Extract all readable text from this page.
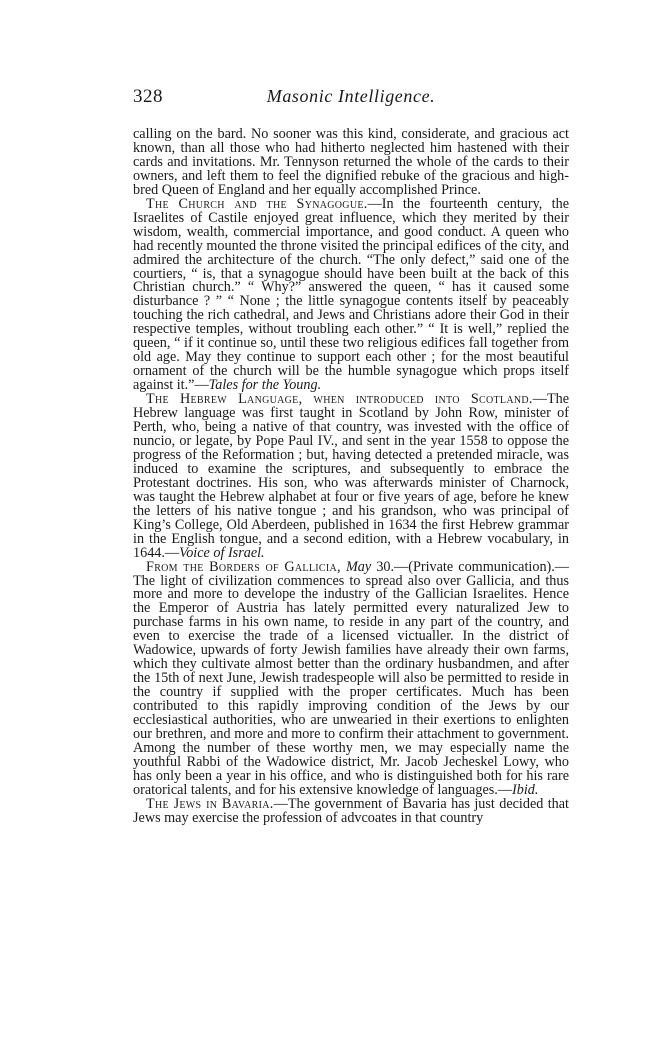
328	Masonic Intelligence.

calling on the bard. No sooner was this kind, considerate, and gracious act known, than all those who had hitherto neglected him hastened with their cards and invitations. Mr. Tennyson returned the whole of the cards to their owners, and left them to feel the dignified rebuke of the gracious and high-bred Queen of England and her equally accomplished Prince.

The Church and the Synagogue.—In the fourteenth century, the Israelites of Castile enjoyed great influence, which they merited by their wisdom, wealth, commercial importance, and good conduct. A queen who had recently mounted the throne visited the principal edifices of the city, and admired the architecture of the church. “The only defect,” said one of the courtiers, “ is, that a synagogue should have been built at the back of this Christian church.” “ Why?” answered the queen, “ has it caused some disturbance ? ” “ None ; the little synagogue contents itself by peaceably touching the rich cathedral, and Jews and Christians adore their God in their respective temples, without troubling each other.” “ It is well,” replied the queen, “ if it continue so, until these two religious edifices fall together from old age. May they continue to support each other ; for the most beautiful ornament of the church will be the humble synagogue which props itself against it.”—Tales for the Young.

The Hebrew Language, when introduced into Scotland.—The Hebrew language was first taught in Scotland by John Row, minister of Perth, who, being a native of that country, was invested with the office of nuncio, or legate, by Pope Paul IV., and sent in the year 1558 to oppose the progress of the Reformation ; but, having detected a pretended miracle, was induced to examine the scriptures, and subsequently to embrace the Protestant doctrines. His son, who was afterwards minister of Charnock, was taught the Hebrew alphabet at four or five years of age, before he knew the letters of his native tongue ; and his grandson, who was principal of King’s College, Old Aberdeen, published in 1634 the first Hebrew grammar in the English tongue, and a second edition, with a Hebrew vocabulary, in 1644.—Voice of Israel.

From the Borders of Gallicia, May 30.—(Private communication).—The light of civilization commences to spread also over Gallicia, and thus more and more to develope the industry of the Gallician Israelites. Hence the Emperor of Austria has lately permitted every naturalized Jew to purchase farms in his own name, to reside in any part of the country, and even to exercise the trade of a licensed victualler. In the district of Wadowice, upwards of forty Jewish families have already their own farms, which they cultivate almost better than the ordinary husbandmen, and after the 15th of next June, Jewish tradespeople will also be permitted to reside in the country if supplied with the proper certificates. Much has been contributed to this rapidly improving condition of the Jews by our ecclesiastical authorities, who are unwearied in their exertions to enlighten our brethren, and more and more to confirm their attachment to government. Among the number of these worthy men, we may especially name the youthful Rabbi of the Wadowice district, Mr. Jacob Jecheskel Lowy, who has only been a year in his office, and who is distinguished both for his rare oratorical talents, and for his extensive knowledge of languages.—Ibid.

The Jews in Bavaria.—The government of Bavaria has just decided that Jews may exercise the profession of advcoates in that country
